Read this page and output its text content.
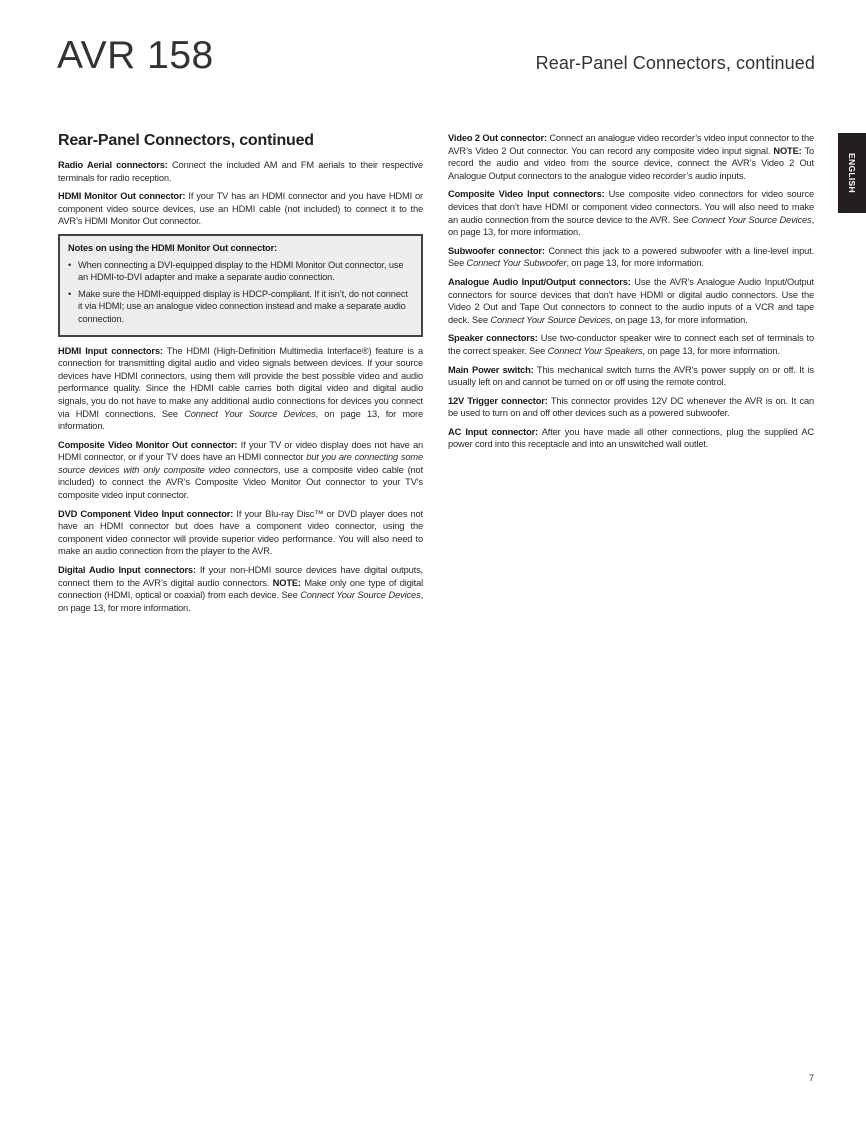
AVR 158	Rear-Panel Connectors, continued
ENGLISH
Rear-Panel Connectors, continued

Radio Aerial connectors: Connect the included AM and FM aerials to their respective terminals for radio reception.

HDMI Monitor Out connector: If your TV has an HDMI connector and you have HDMI or component video source devices, use an HDMI cable (not included) to connect it to the AVR’s HDMI Monitor Out connector.

Notes on using the HDMI Monitor Out connector:
• When connecting a DVI-equipped display to the HDMI Monitor Out connector, use an HDMI-to-DVI adapter and make a separate audio connection.
• Make sure the HDMI-equipped display is HDCP-compliant. If it isn’t, do not connect it via HDMI; use an analogue video connection instead and make a separate audio connection.

HDMI Input connectors: The HDMI (High-Definition Multimedia Interface®) feature is a connection for transmitting digital audio and video signals between devices. If your source devices have HDMI connectors, using them will provide the best possible video and audio performance quality. Since the HDMI cable carries both digital video and digital audio signals, you do not have to make any additional audio connections for devices you connect via HDMI connections. See Connect Your Source Devices, on page 13, for more information.

Composite Video Monitor Out connector: If your TV or video display does not have an HDMI connector, or if your TV does have an HDMI connector but you are connecting some source devices with only composite video connectors, use a composite video cable (not included) to connect the AVR’s Composite Video Monitor Out connector to your TV’s composite video input connector.

DVD Component Video Input connector: If your Blu-ray Disc™ or DVD player does not have an HDMI connector but does have a component video connector, using the component video connector will provide superior video performance. You will also need to make an audio connection from the player to the AVR.

Digital Audio Input connectors: If your non-HDMI source devices have digital outputs, connect them to the AVR’s digital audio connectors. NOTE: Make only one type of digital connection (HDMI, optical or coaxial) from each device. See Connect Your Source Devices, on page 13, for more information.

Video 2 Out connector: Connect an analogue video recorder’s video input connector to the AVR’s Video 2 Out connector. You can record any composite video input signal. NOTE: To record the audio and video from the source device, connect the AVR’s Video 2 Out Analogue Output connectors to the analogue video recorder’s audio inputs.

Composite Video Input connectors: Use composite video connectors for video source devices that don’t have HDMI or component video connectors. You will also need to make an audio connection from the source device to the AVR. See Connect Your Source Devices, on page 13, for more information.

Subwoofer connector: Connect this jack to a powered subwoofer with a line-level input. See Connect Your Subwoofer, on page 13, for more information.

Analogue Audio Input/Output connectors: Use the AVR’s Analogue Audio Input/Output connectors for source devices that don’t have HDMI or digital audio connectors. Use the Video 2 Out and Tape Out connectors to connect to the audio inputs of a VCR and tape deck. See Connect Your Source Devices, on page 13, for more information.

Speaker connectors: Use two-conductor speaker wire to connect each set of terminals to the correct speaker. See Connect Your Speakers, on page 13, for more information.

Main Power switch: This mechanical switch turns the AVR’s power supply on or off. It is usually left on and cannot be turned on or off using the remote control.

12V Trigger connector: This connector provides 12V DC whenever the AVR is on. It can be used to turn on and off other devices such as a powered subwoofer.

AC Input connector: After you have made all other connections, plug the supplied AC power cord into this receptacle and into an unswitched wall outlet.

7
